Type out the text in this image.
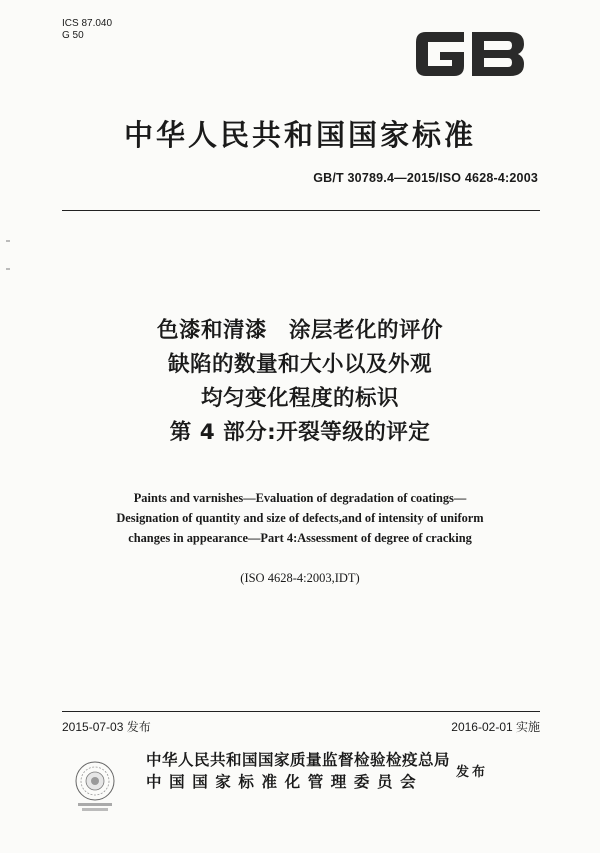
ICS 87.040
G 50
中华人民共和国国家标准
GB/T 30789.4—2015/ISO 4628-4:2003
色漆和清漆　涂层老化的评价
缺陷的数量和大小以及外观
均匀变化程度的标识
第 4 部分:开裂等级的评定
Paints and varnishes—Evaluation of degradation of coatings—
Designation of quantity and size of defects,and of intensity of uniform
changes in appearance—Part 4:Assessment of degree of cracking
(ISO 4628-4:2003,IDT)
2015-07-03 发布	2016-02-01 实施
中华人民共和国国家质量监督检验检疫总局
中国国家标准化管理委员会
发布
